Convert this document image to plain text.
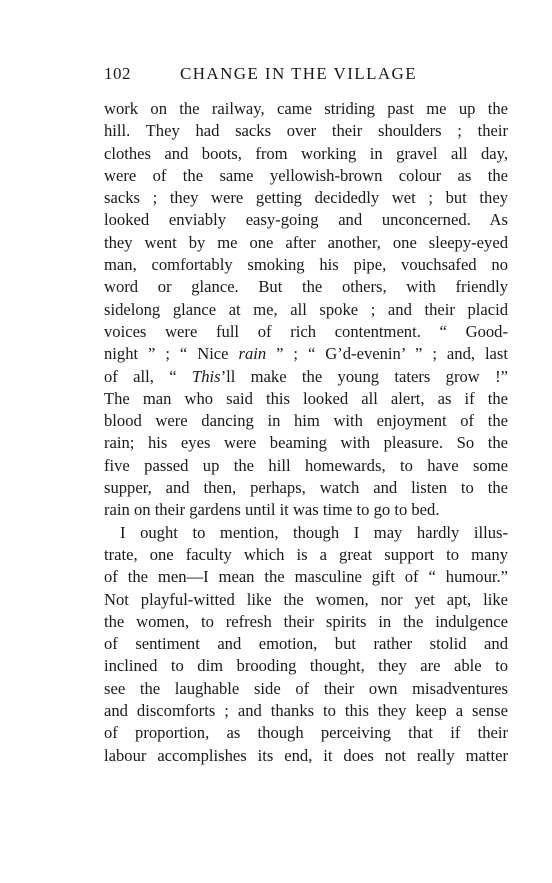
102	CHANGE IN THE VILLAGE
work on the railway, came striding past me up the
hill. They had sacks over their shoulders ; their
clothes and boots, from working in gravel all day,
were of the same yellowish-brown colour as the
sacks ; they were getting decidedly wet ; but they
looked enviably easy-going and unconcerned. As
they went by me one after another, one sleepy-eyed
man, comfortably smoking his pipe, vouchsafed no
word or glance. But the others, with friendly
sidelong glance at me, all spoke ; and their placid
voices were full of rich contentment. “ Good-
night ” ; “ Nice rain ” ; “ G’d-evenin’ ” ; and, last
of all, “ This’ll make the young taters grow !”
The man who said this looked all alert, as if the
blood were dancing in him with enjoyment of the
rain; his eyes were beaming with pleasure. So the
five passed up the hill homewards, to have some
supper, and then, perhaps, watch and listen to the
rain on their gardens until it was time to go to bed.
I ought to mention, though I may hardly illus-
trate, one faculty which is a great support to many
of the men—I mean the masculine gift of “ humour.”
Not playful-witted like the women, nor yet apt, like
the women, to refresh their spirits in the indulgence
of sentiment and emotion, but rather stolid and
inclined to dim brooding thought, they are able to
see the laughable side of their own misadventures
and discomforts ; and thanks to this they keep a sense
of proportion, as though perceiving that if their
labour accomplishes its end, it does not really matter
